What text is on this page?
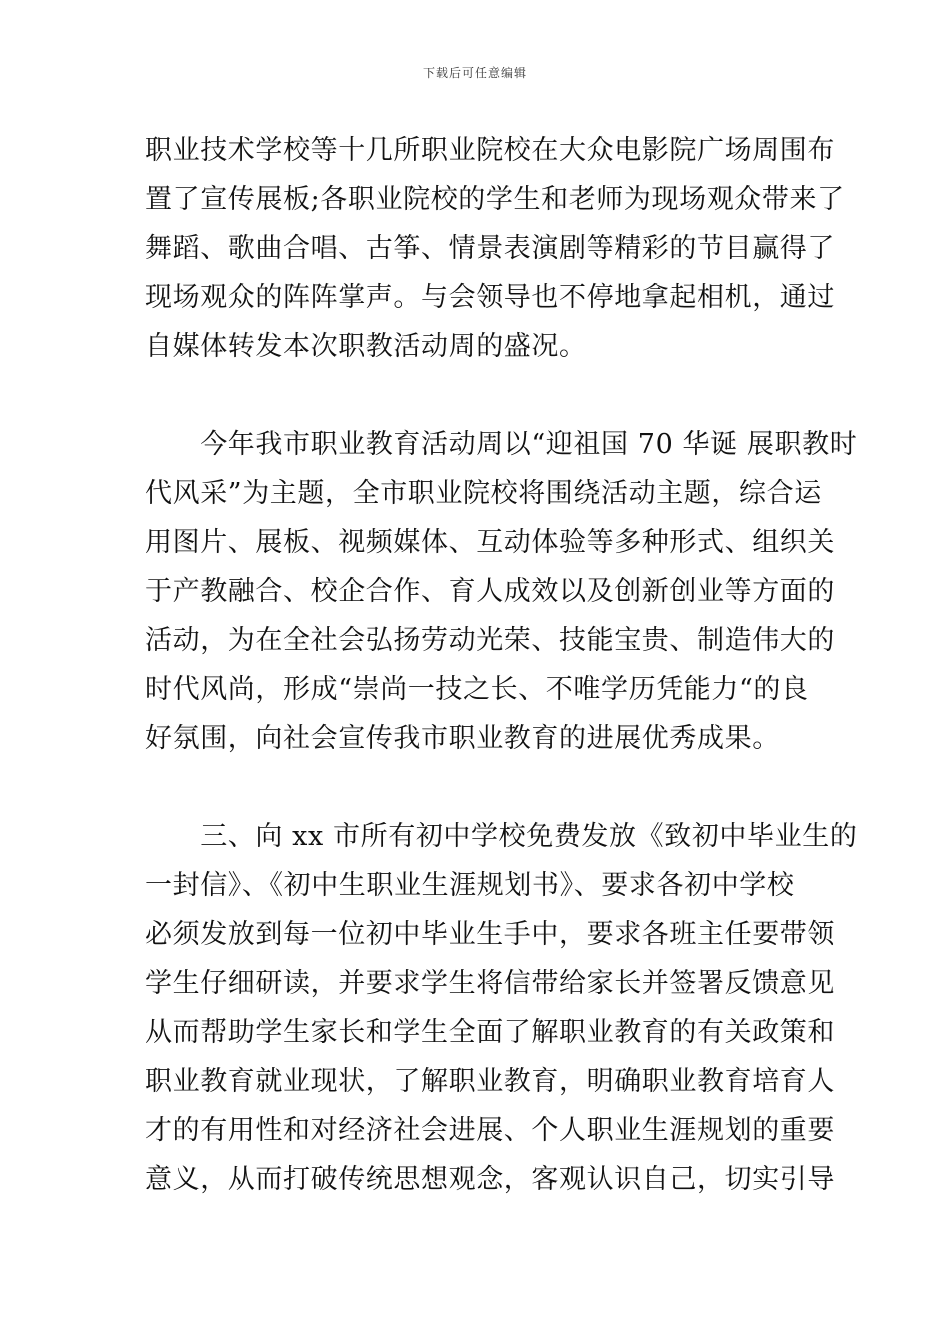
下载后可任意编辑
职业技术学校等十几所职业院校在大众电影院广场周围布
置了宣传展板;各职业院校的学生和老师为现场观众带来了
舞蹈、歌曲合唱、古筝、情景表演剧等精彩的节目赢得了
现场观众的阵阵掌声。与会领导也不停地拿起相机，通过
自媒体转发本次职教活动周的盛况。
　　今年我市职业教育活动周以“迎祖国 70 华诞 展职教时
代风采”为主题，全市职业院校将围绕活动主题，综合运
用图片、展板、视频媒体、互动体验等多种形式、组织关
于产教融合、校企合作、育人成效以及创新创业等方面的
活动，为在全社会弘扬劳动光荣、技能宝贵、制造伟大的
时代风尚，形成“崇尚一技之长、不唯学历凭能力“的良
好氛围，向社会宣传我市职业教育的进展优秀成果。
　　三、向 xx 市所有初中学校免费发放《致初中毕业生的
一封信》、《初中生职业生涯规划书》、要求各初中学校
必须发放到每一位初中毕业生手中，要求各班主任要带领
学生仔细研读，并要求学生将信带给家长并签署反馈意见
从而帮助学生家长和学生全面了解职业教育的有关政策和
职业教育就业现状，了解职业教育，明确职业教育培育人
才的有用性和对经济社会进展、个人职业生涯规划的重要
意义，从而打破传统思想观念，客观认识自己，切实引导
